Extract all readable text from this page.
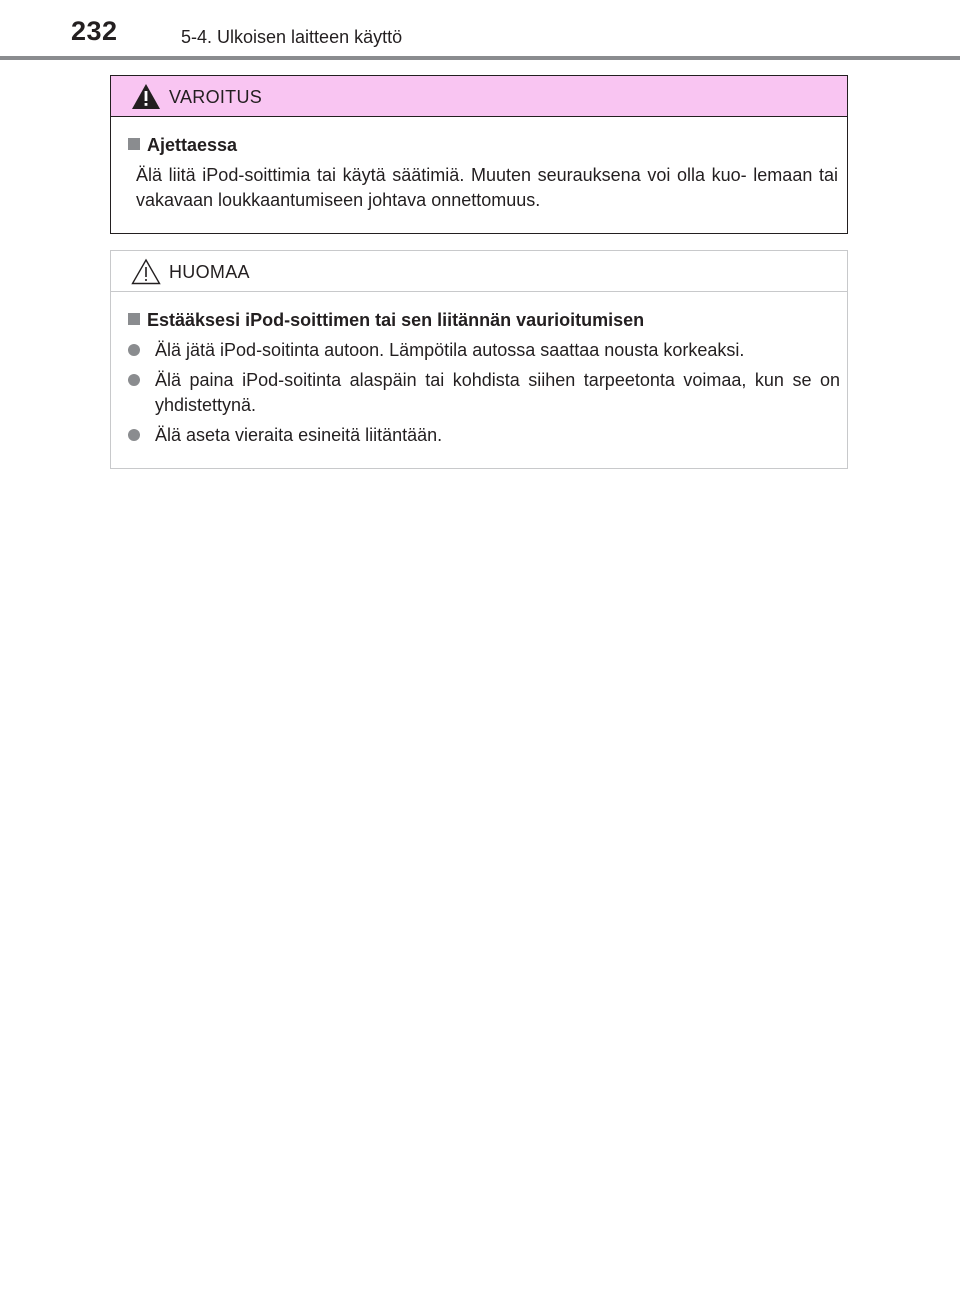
232	5-4. Ulkoisen laitteen käyttö
VAROITUS
Ajettaessa
Älä liitä iPod-soittimia tai käytä säätimiä. Muuten seurauksena voi olla kuo- lemaan tai vakavaan loukkaantumiseen johtava onnettomuus.
HUOMAA
Estääksesi iPod-soittimen tai sen liitännän vaurioitumisen
Älä jätä iPod-soitinta autoon. Lämpötila autossa saattaa nousta korkeaksi.
Älä paina iPod-soitinta alaspäin tai kohdista siihen tarpeetonta voimaa, kun se on yhdistettynä.
Älä aseta vieraita esineitä liitäntään.
